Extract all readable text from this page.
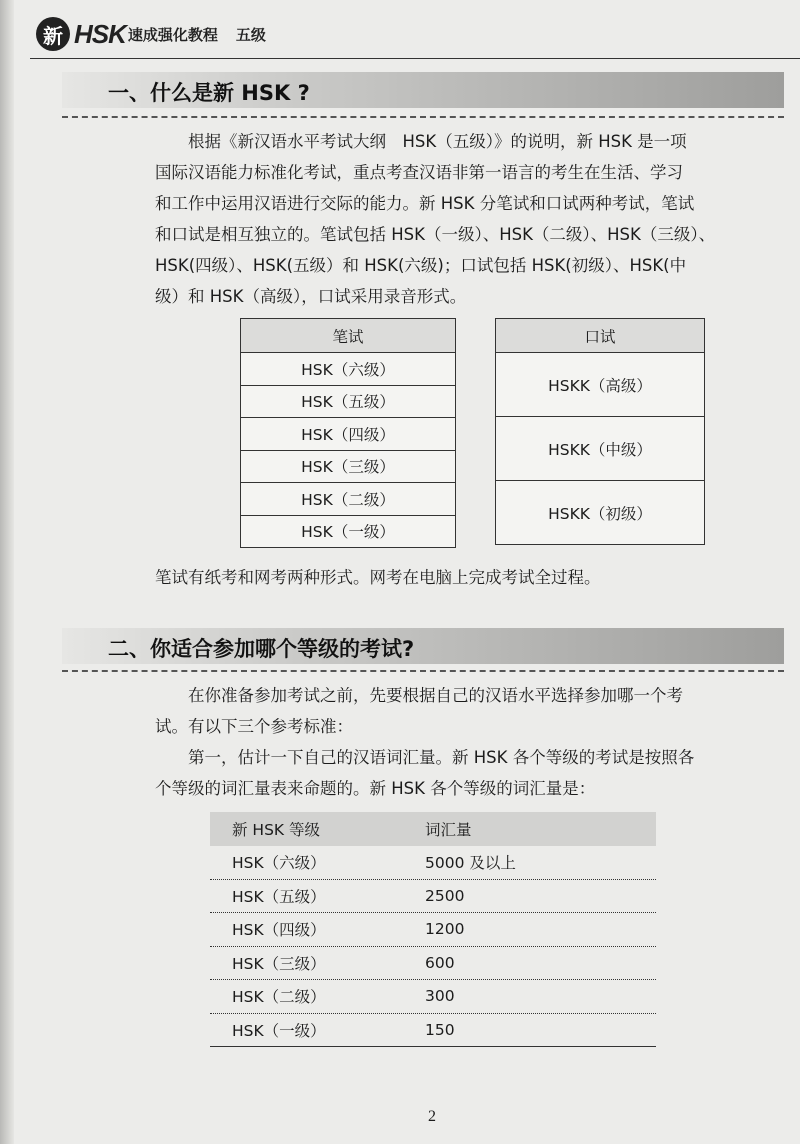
新 HSK 速成强化教程 五级
一、什么是新 HSK ?
根据《新汉语水平考试大纲　HSK（五级）》的说明，新 HSK 是一项
国际汉语能力标准化考试，重点考查汉语非第一语言的考生在生活、学习
和工作中运用汉语进行交际的能力。新 HSK 分笔试和口试两种考试，笔试
和口试是相互独立的。笔试包括 HSK（一级）、HSK（二级）、HSK（三级）、
HSK(四级）、HSK(五级）和 HSK(六级)；口试包括 HSK(初级）、HSK(中
级）和 HSK（高级），口试采用录音形式。
笔试
HSK（六级）
HSK（五级）
HSK（四级）
HSK（三级）
HSK（二级）
HSK（一级）
口试
HSKK（高级）
HSKK（中级）
HSKK（初级）
笔试有纸考和网考两种形式。网考在电脑上完成考试全过程。
二、你适合参加哪个等级的考试?
在你准备参加考试之前，先要根据自己的汉语水平选择参加哪一个考
试。有以下三个参考标准：
第一，估计一下自己的汉语词汇量。新 HSK 各个等级的考试是按照各
个等级的词汇量表来命题的。新 HSK 各个等级的词汇量是：
新 HSK 等级	词汇量
HSK（六级）	5000 及以上
HSK（五级）	2500
HSK（四级）	1200
HSK（三级）	600
HSK（二级）	300
HSK（一级）	150
2
